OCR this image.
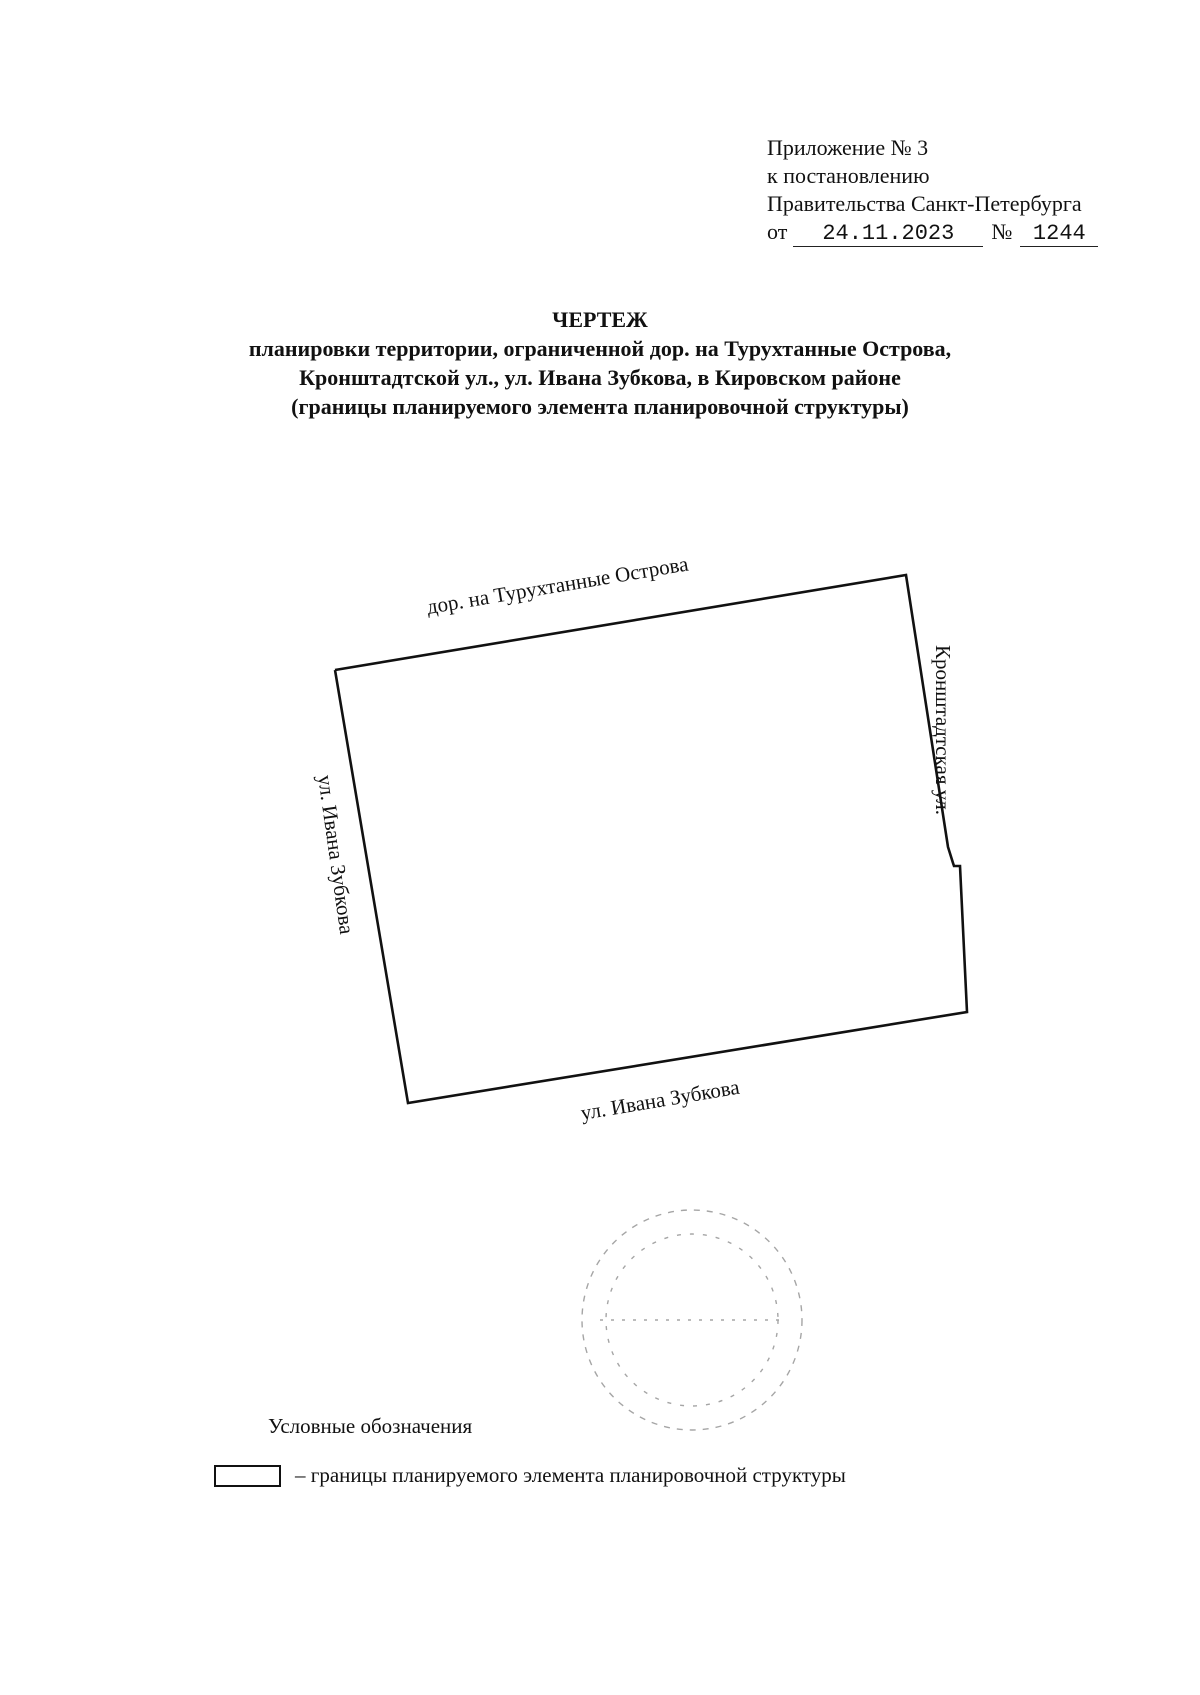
Приложение № 3
к постановлению
Правительства Санкт-Петербурга
от 24.11.2023 № 1244
ЧЕРТЕЖ
планировки территории, ограниченной дор. на Турухтанные Острова,
Кронштадтской ул., ул. Ивана Зубкова, в Кировском районе
(границы планируемого элемента планировочной структуры)
дор. на Турухтанные Острова
Кронштадтская ул.
ул. Ивана Зубкова
ул. Ивана Зубкова
Условные обозначения
– границы планируемого элемента планировочной структуры
